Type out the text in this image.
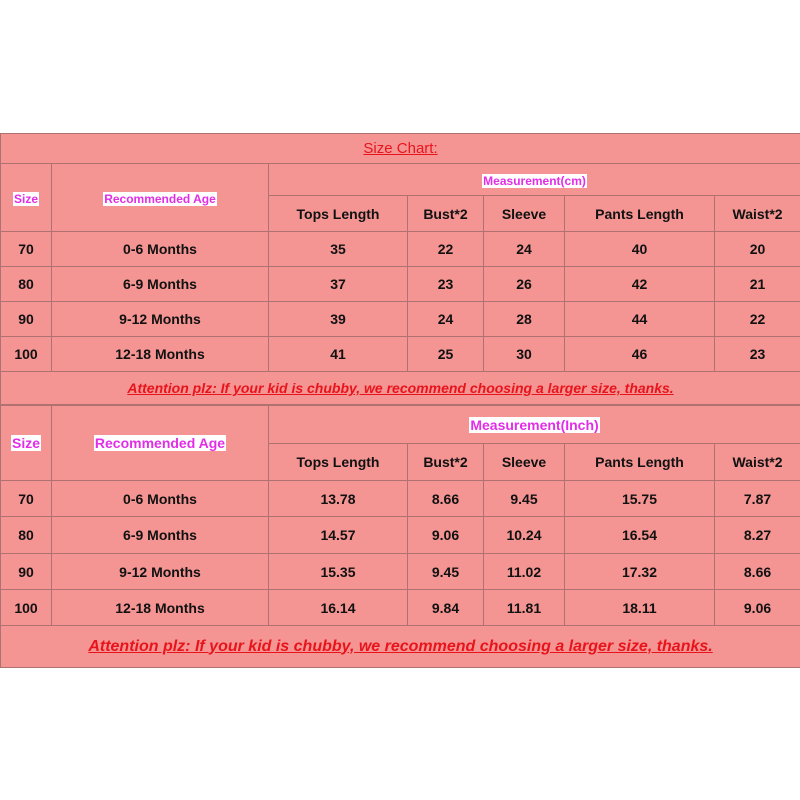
Size Chart:						
Size	Recommended Age	Measurement(cm)				
		Tops Length	Bust*2	Sleeve	Pants Length	Waist*2
70	0-6 Months	35	22	24	40	20
80	6-9 Months	37	23	26	42	21
90	9-12 Months	39	24	28	44	22
100	12-18 Months	41	25	30	46	23
Attention plz: If your kid is chubby, we recommend choosing a larger size, thanks.						
Size	Recommended Age	Measurement(Inch)				
		Tops Length	Bust*2	Sleeve	Pants Length	Waist*2
70	0-6 Months	13.78	8.66	9.45	15.75	7.87
80	6-9 Months	14.57	9.06	10.24	16.54	8.27
90	9-12 Months	15.35	9.45	11.02	17.32	8.66
100	12-18 Months	16.14	9.84	11.81	18.11	9.06
Attention plz: If your kid is chubby, we recommend choosing a larger size, thanks.						
